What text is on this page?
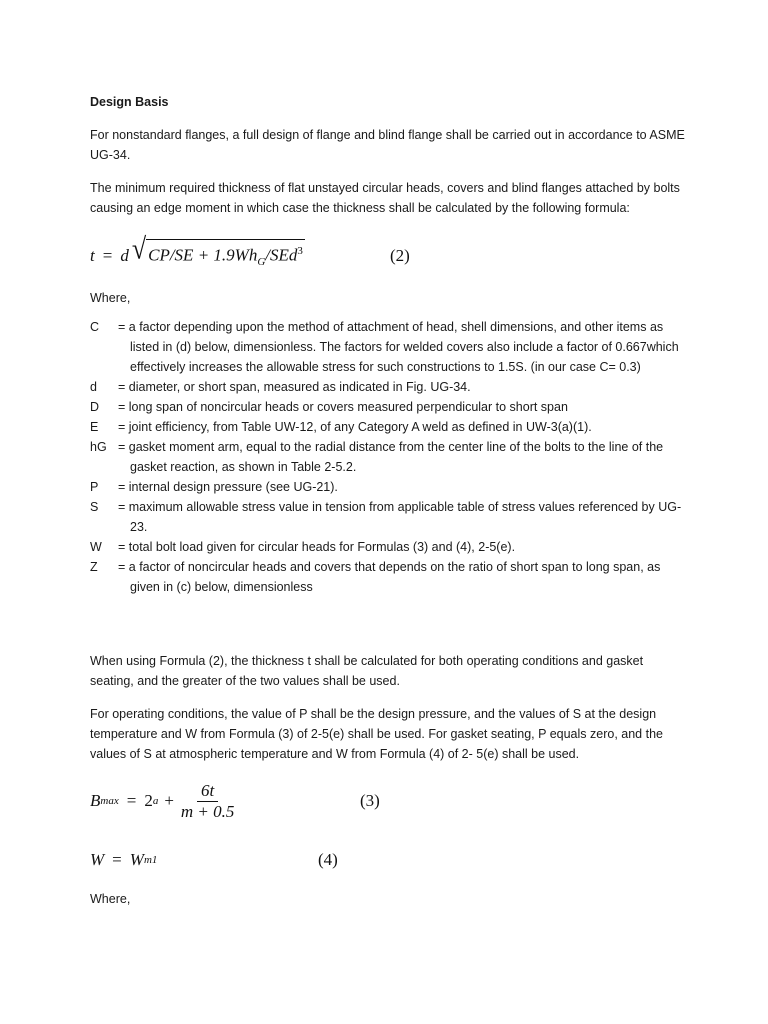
Design Basis
For nonstandard flanges, a full design of flange and blind flange shall be carried out in accordance to ASME UG-34.
The minimum required thickness of flat unstayed circular heads, covers and blind flanges attached by bolts causing an edge moment in which case the thickness shall be calculated by the following formula:
t = d √ $CP/SE + 1.9Wh_G/SEd^3$	(2)
Where,
C	= a factor depending upon the method of attachment of head, shell dimensions, and other items as listed in (d) below, dimensionless. The factors for welded covers also include a factor of 0.667which effectively increases the allowable stress for such constructions to 1.5S. (in our case C= 0.3)
d	= diameter, or short span, measured as indicated in Fig. UG-34.
D	= long span of noncircular heads or covers measured perpendicular to short span
E	= joint efficiency, from Table UW-12, of any Category A weld as defined in UW-3(a)(1).
hG = gasket moment arm, equal to the radial distance from the center line of the bolts to the line of the gasket reaction, as shown in Table 2-5.2.
P	= internal design pressure (see UG-21).
S	= maximum allowable stress value in tension from applicable table of stress values referenced by UG-23.
W	= total bolt load given for circular heads for Formulas (3) and (4), 2-5(e).
Z	= a factor of noncircular heads and covers that depends on the ratio of short span to long span, as given in (c) below, dimensionless
When using Formula (2), the thickness t shall be calculated for both operating conditions and gasket seating, and the greater of the two values shall be used.
For operating conditions, the value of P shall be the design pressure, and the values of S at the design temperature and W from Formula (3) of 2-5(e) shall be used. For gasket seating, P equals zero, and the values of S at atmospheric temperature and W from Formula (4) of 2- 5(e) shall be used.
B max = 2 $a + \frac{6t}{m + 0.5}$	(3)
W = W m1	(4)
Where,
